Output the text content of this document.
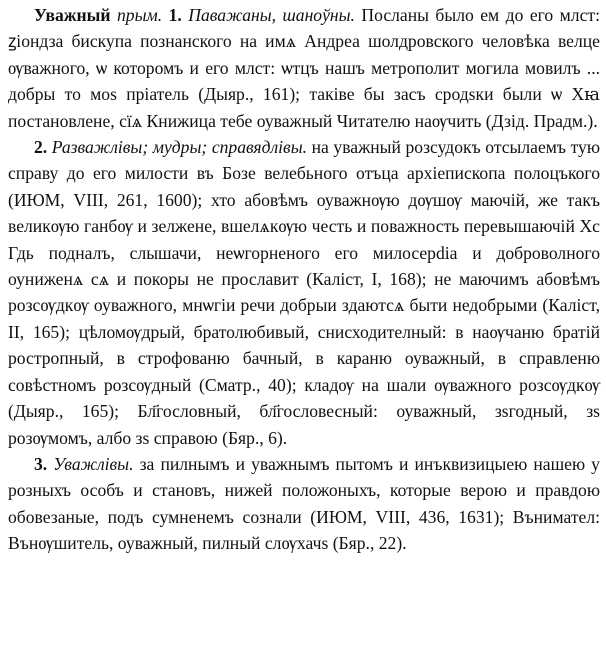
Уважный прым. 1. Паважаны, шаноўны. Посланы было ем до его млст: ꙁіондза бискупа познанского на имѧ Андреа шолдровского человѣка велце ѹважного, ѡ которомъ и его млст: ѡтцъ нашъ метрополит могила мовилъ ... добры то моs пріатель (Дыяр., 161); таківе бы засъ сродѕки были ѡ Хꙗ постановлене, сїѧ Книжица тебе оуважный Читателю наѹчить (Дзід. Прадм.).

2. Разважлівы; мудры; справядлівы. на уважный розсудокъ отсылаемъ тую справу до его милости въ Бозе велебьного отъца архіепископа полоцъкого (ИЮМ, VIII, 261, 1600); хто абовѣмъ оуважнѹю дѹшѹ маючій, же такъ великѹю ганбѹ и зелженe, вшелѧкѹю честь и поважность перевышаючій Хс Гдь подналъ, слышачи, неѡгорненого его милосерdіа и доброволного оуниженѧ сѧ и покоры не прославит (Каліст, І, 168); не маючимъ абовѣмъ розсѹдкѹ оуважного, мнѡгіи речи добрыи здаютсѧ быти недобрыми (Каліст, ІІ, 165); цѣломѹдрый, братолюбивый, снисходителный: в наѹчаню братій ростропный, в строфованю бачный, в караню оуважный, в справленю совѣстномъ розсѹдный (Сматр., 40); кладѹ на шали ѹважного розсѹдкѹ (Дыяр., 165); Бл҃гословный, бл҃гословесный: оуважный, зsгодный, зs розѹмомъ, албо зs справою (Бяр., 6).

3. Уважлівы. за пилнымъ и уважнымъ пытомъ и инъквизицыею нашею у розныхъ особъ и становъ, нижей положоныхъ, которые верою и правдою обовезаные, подъ сумненемъ сознали (ИЮМ, VIII, 436, 1631); Вънимател: Вънѹшитель, оуважный, пилный слѹхачs (Бяр., 22).
